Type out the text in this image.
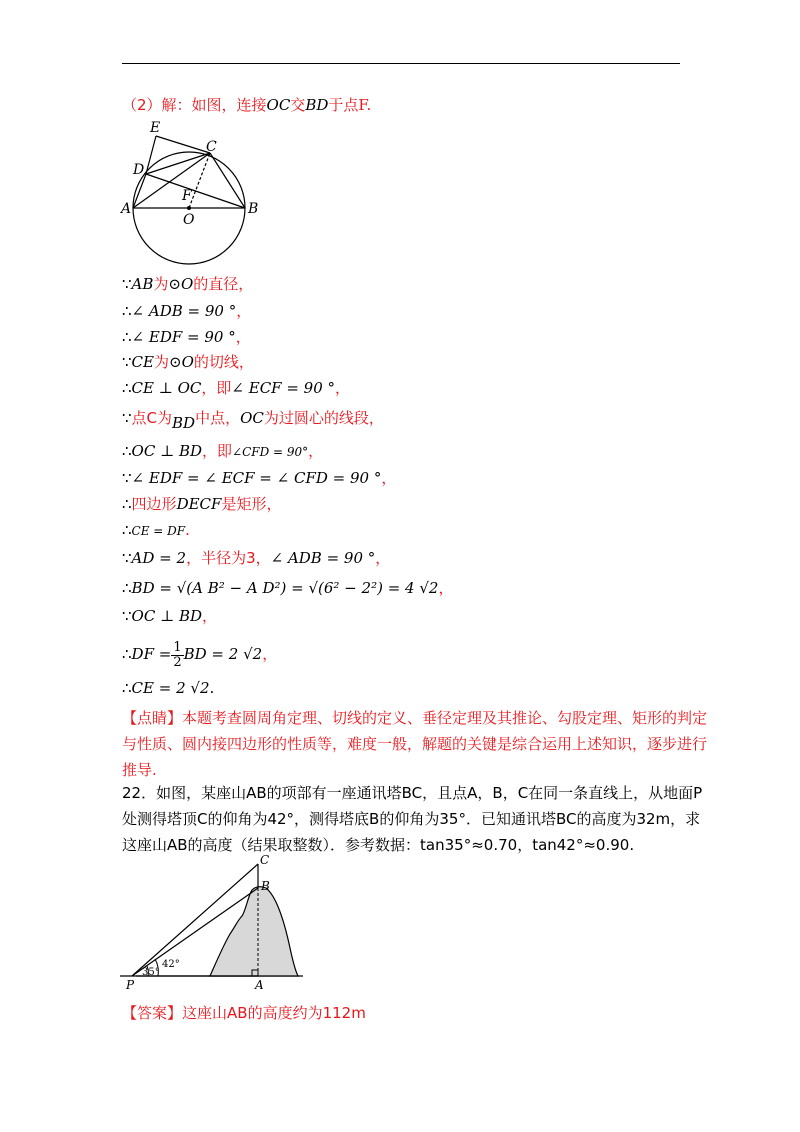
（2）解：如图，连接OC交BD于点F.
E
C
D
F
A
O
B
∵AB为⊙O的直径，
∴∠ ADB = 90 °，
∴∠ EDF = 90 °，
∵CE为⊙O的切线，
∴CE ⊥ OC，即∠ ECF = 90 °，
∵点C为BD中点，OC为过圆心的线段，
∴OC ⊥ BD，即∠CFD = 90°，
∵∠ EDF = ∠ ECF = ∠ CFD = 90 °，
∴四边形DECF是矩形，
∴CE = DF.
∵AD = 2，半径为3，∠ ADB = 90 °，
∴BD = √(A B² − A D²) = √(6² − 2²) = 4 √2，
∵OC ⊥ BD，
∴DF = $\frac{1}{2}$ BD = 2 √2，
∴CE = 2 √2.
【点睛】本题考查圆周角定理、切线的定义、垂径定理及其推论、勾股定理、矩形的判定
与性质、圆内接四边形的性质等，难度一般，解题的关键是综合运用上述知识，逐步进行
推导.
22．如图，某座山AB的项部有一座通讯塔BC，且点A，B，C在同一条直线上，从地面P
处测得塔顶C的仰角为42°，测得塔底B的仰角为35°．已知通讯塔BC的高度为32m，求
这座山AB的高度（结果取整数）．参考数据：tan35°≈0.70，tan42°≈0.90.
C
B
P	A
35°
42°
【答案】这座山AB的高度约为112m
